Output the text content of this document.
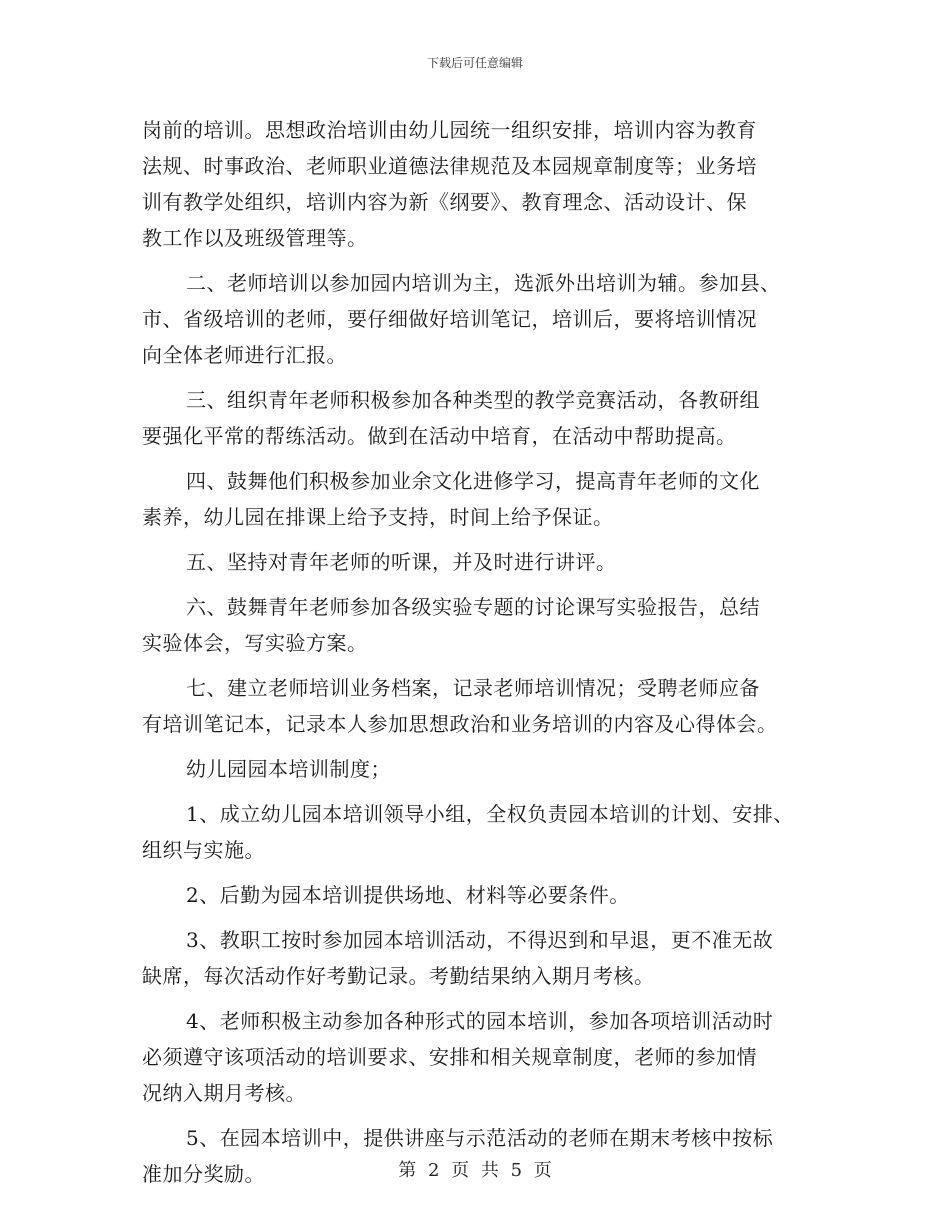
下载后可任意编辑
岗前的培训。思想政治培训由幼儿园统一组织安排，培训内容为教育
法规、时事政治、老师职业道德法律规范及本园规章制度等；业务培
训有教学处组织，培训内容为新《纲要》、教育理念、活动设计、保
教工作以及班级管理等。
二、老师培训以参加园内培训为主，选派外出培训为辅。参加县、
市、省级培训的老师，要仔细做好培训笔记，培训后，要将培训情况
向全体老师进行汇报。
三、组织青年老师积极参加各种类型的教学竞赛活动，各教研组
要强化平常的帮练活动。做到在活动中培育，在活动中帮助提高。
四、鼓舞他们积极参加业余文化进修学习，提高青年老师的文化
素养，幼儿园在排课上给予支持，时间上给予保证。
五、坚持对青年老师的听课，并及时进行讲评。
六、鼓舞青年老师参加各级实验专题的讨论课写实验报告，总结
实验体会，写实验方案。
七、建立老师培训业务档案，记录老师培训情况；受聘老师应备
有培训笔记本，记录本人参加思想政治和业务培训的内容及心得体会。
幼儿园园本培训制度；
1、成立幼儿园本培训领导小组，全权负责园本培训的计划、安排、
组织与实施。
2、后勤为园本培训提供场地、材料等必要条件。
3、教职工按时参加园本培训活动，不得迟到和早退，更不准无故
缺席，每次活动作好考勤记录。考勤结果纳入期月考核。
4、老师积极主动参加各种形式的园本培训，参加各项培训活动时
必须遵守该项活动的培训要求、安排和相关规章制度，老师的参加情
况纳入期月考核。
5、在园本培训中，提供讲座与示范活动的老师在期末考核中按标
准加分奖励。	第 2 页 共 5 页
